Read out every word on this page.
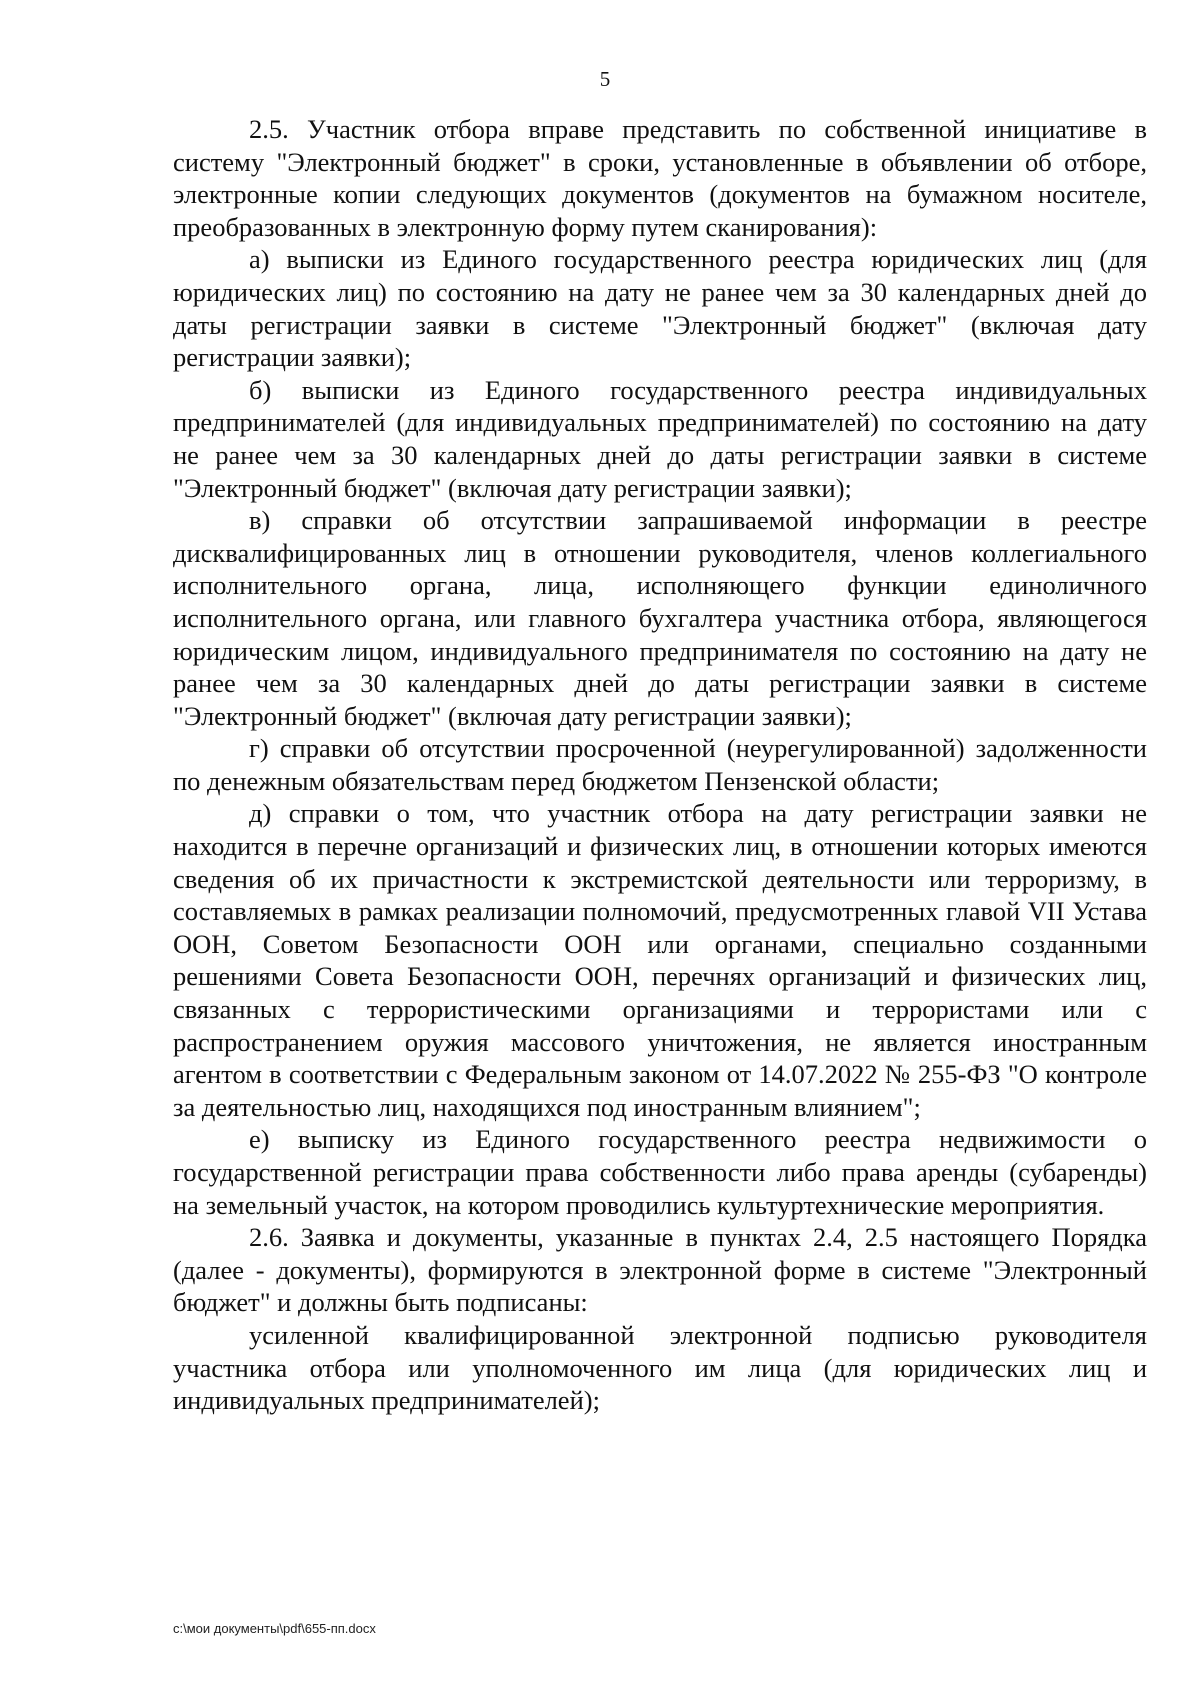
5

2.5. Участник отбора вправе представить по собственной инициативе в систему "Электронный бюджет" в сроки, установленные в объявлении об отборе, электронные копии следующих документов (документов на бумажном носителе, преобразованных в электронную форму путем сканирования):

а) выписки из Единого государственного реестра юридических лиц (для юридических лиц) по состоянию на дату не ранее чем за 30 календарных дней до даты регистрации заявки в системе "Электронный бюджет" (включая дату регистрации заявки);

б) выписки из Единого государственного реестра индивидуальных предпринимателей (для индивидуальных предпринимателей) по состоянию на дату не ранее чем за 30 календарных дней до даты регистрации заявки в системе "Электронный бюджет" (включая дату регистрации заявки);

в) справки об отсутствии запрашиваемой информации в реестре дисквалифицированных лиц в отношении руководителя, членов коллегиального исполнительного органа, лица, исполняющего функции единоличного исполнительного органа, или главного бухгалтера участника отбора, являющегося юридическим лицом, индивидуального предпринимателя по состоянию на дату не ранее чем за 30 календарных дней до даты регистрации заявки в системе "Электронный бюджет" (включая дату регистрации заявки);

г) справки об отсутствии просроченной (неурегулированной) задолженности по денежным обязательствам перед бюджетом Пензенской области;

д) справки о том, что участник отбора на дату регистрации заявки не находится в перечне организаций и физических лиц, в отношении которых имеются сведения об их причастности к экстремистской деятельности или терроризму, в составляемых в рамках реализации полномочий, предусмотренных главой VII Устава ООН, Советом Безопасности ООН или органами, специально созданными решениями Совета Безопасности ООН, перечнях организаций и физических лиц, связанных с террористическими организациями и террористами или с распространением оружия массового уничтожения, не является иностранным агентом в соответствии с Федеральным законом от 14.07.2022 № 255-ФЗ "О контроле за деятельностью лиц, находящихся под иностранным влиянием";

е) выписку из Единого государственного реестра недвижимости о государственной регистрации права собственности либо права аренды (субаренды) на земельный участок, на котором проводились культуртехнические мероприятия.

2.6. Заявка и документы, указанные в пунктах 2.4, 2.5 настоящего Порядка (далее - документы), формируются в электронной форме в системе "Электронный бюджет" и должны быть подписаны:

усиленной квалифицированной электронной подписью руководителя участника отбора или уполномоченного им лица (для юридических лиц и индивидуальных предпринимателей);

c:\мои документы\pdf\655-пп.docx
